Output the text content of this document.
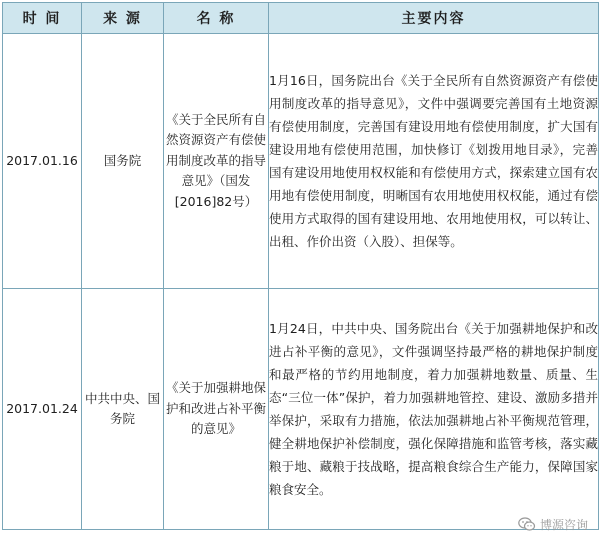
时 间	来 源	名 称	主要内容
2017.01.16	国务院	《关于全民所有自然资源资产有偿使用制度改革的指导意见》（国发[2016]82号）	1月16日，国务院出台《关于全民所有自然资源资产有偿使用制度改革的指导意见》，文件中强调要完善国有土地资源有偿使用制度，完善国有建设用地有偿使用制度，扩大国有建设用地有偿使用范围，加快修订《划拨用地目录》，完善国有建设用地使用权权能和有偿使用方式，探索建立国有农用地有偿使用制度，明晰国有农用地使用权权能，通过有偿使用方式取得的国有建设用地、农用地使用权，可以转让、出租、作价出资（入股）、担保等。
2017.01.24	中共中央、国务院	《关于加强耕地保护和改进占补平衡的意见》	1月24日，中共中央、国务院出台《关于加强耕地保护和改进占补平衡的意见》，文件强调坚持最严格的耕地保护制度和最严格的节约用地制度，着力加强耕地数量、质量、生态“三位一体”保护，着力加强耕地管控、建设、激励多措并举保护，采取有力措施，依法加强耕地占补平衡规范管理，健全耕地保护补偿制度，强化保障措施和监管考核，落实藏粮于地、藏粮于技战略，提高粮食综合生产能力，保障国家粮食安全。
博源咨询
